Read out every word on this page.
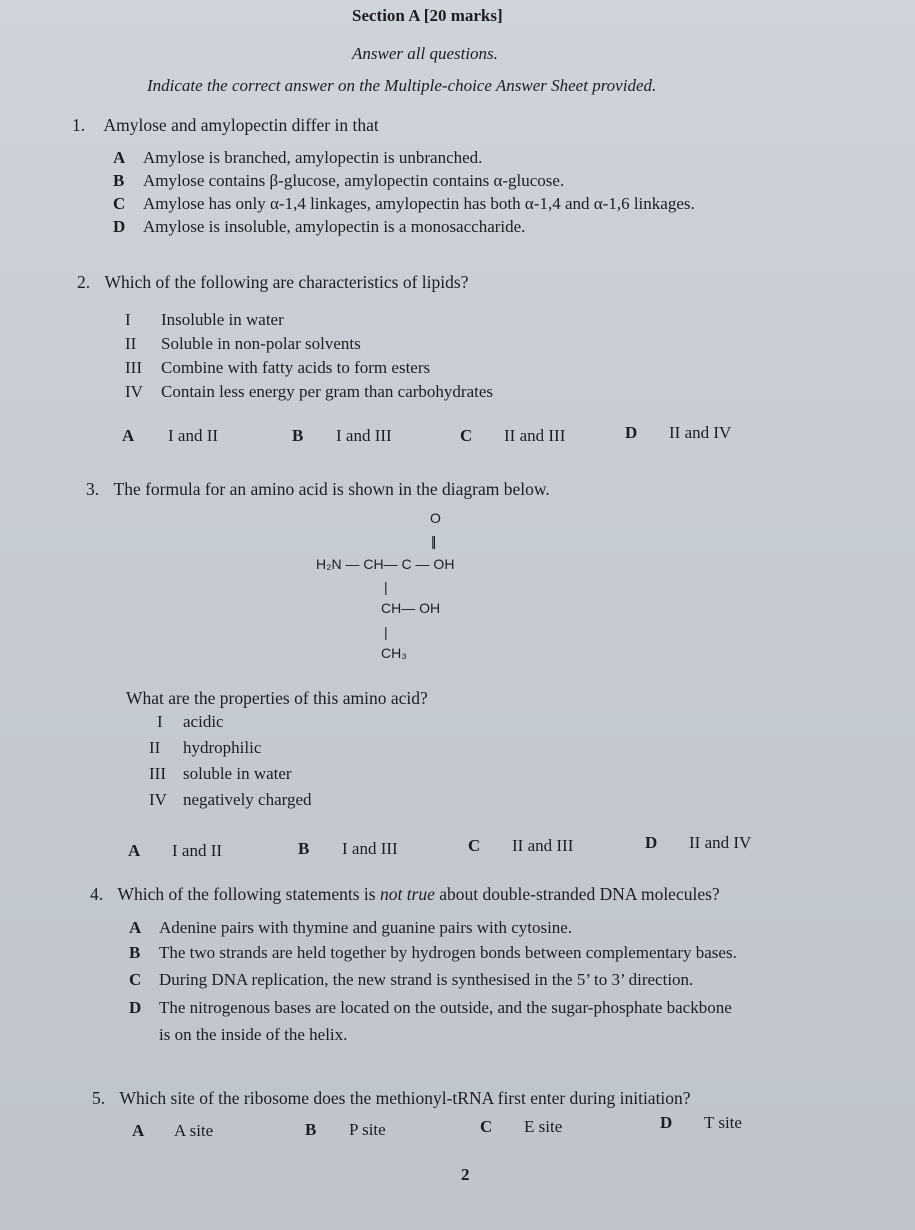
Section A [20 marks]
Answer all questions.
Indicate the correct answer on the Multiple-choice Answer Sheet provided.
1. Amylose and amylopectin differ in that
A Amylose is branched, amylopectin is unbranched.
B Amylose contains β-glucose, amylopectin contains α-glucose.
C Amylose has only α-1,4 linkages, amylopectin has both α-1,4 and α-1,6 linkages.
D Amylose is insoluble, amylopectin is a monosaccharide.
2. Which of the following are characteristics of lipids?
I Insoluble in water
II Soluble in non-polar solvents
III Combine with fatty acids to form esters
IV Contain less energy per gram than carbohydrates
A I and II	B I and III	C II and III	D II and IV
3. The formula for an amino acid is shown in the diagram below.
O
||
H₂N — CH— C — OH
|
CH— OH
|
CH₃
What are the properties of this amino acid?
I acidic
II hydrophilic
III soluble in water
IV negatively charged
A I and II	B I and III	C II and III	D II and IV
4. Which of the following statements is not true about double-stranded DNA molecules?
A Adenine pairs with thymine and guanine pairs with cytosine.
B The two strands are held together by hydrogen bonds between complementary bases.
C During DNA replication, the new strand is synthesised in the 5’ to 3’ direction.
D The nitrogenous bases are located on the outside, and the sugar-phosphate backbone
is on the inside of the helix.
5. Which site of the ribosome does the methionyl-tRNA first enter during initiation?
A A site	B P site	C E site	D T site
2
